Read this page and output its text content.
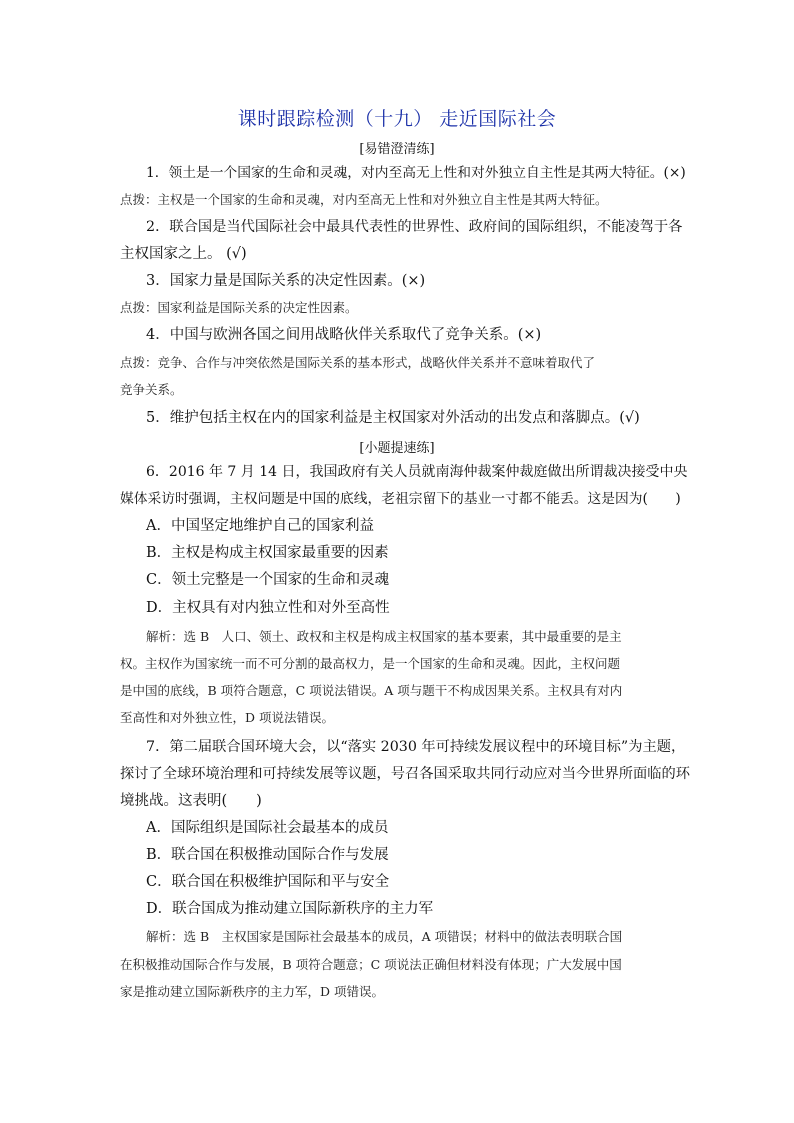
课时跟踪检测（十九） 走近国际社会
[易错澄清练]
1．领土是一个国家的生命和灵魂，对内至高无上性和对外独立自主性是其两大特征。(×)
点拨：主权是一个国家的生命和灵魂，对内至高无上性和对外独立自主性是其两大特征。
2．联合国是当代国际社会中最具代表性的世界性、政府间的国际组织，不能凌驾于各
主权国家之上。 (√)
3．国家力量是国际关系的决定性因素。(×)
点拨：国家利益是国际关系的决定性因素。
4．中国与欧洲各国之间用战略伙伴关系取代了竞争关系。(×)
点拨：竞争、合作与冲突依然是国际关系的基本形式，战略伙伴关系并不意味着取代了
竞争关系。
5．维护包括主权在内的国家利益是主权国家对外活动的出发点和落脚点。(√)
[小题提速练]
6．2016 年 7 月 14 日，我国政府有关人员就南海仲裁案仲裁庭做出所谓裁决接受中央
媒体采访时强调，主权问题是中国的底线，老祖宗留下的基业一寸都不能丢。这是因为(　　)
A．中国坚定地维护自己的国家利益
B．主权是构成主权国家最重要的因素
C．领土完整是一个国家的生命和灵魂
D．主权具有对内独立性和对外至高性
解析：选 B　人口、领土、政权和主权是构成主权国家的基本要素，其中最重要的是主
权。主权作为国家统一而不可分割的最高权力，是一个国家的生命和灵魂。因此，主权问题
是中国的底线，B 项符合题意，C 项说法错误。A 项与题干不构成因果关系。主权具有对内
至高性和对外独立性，D 项说法错误。
7．第二届联合国环境大会，以“落实 2030 年可持续发展议程中的环境目标”为主题，
探讨了全球环境治理和可持续发展等议题，号召各国采取共同行动应对当今世界所面临的环
境挑战。这表明(　　)
A．国际组织是国际社会最基本的成员
B．联合国在积极推动国际合作与发展
C．联合国在积极维护国际和平与安全
D．联合国成为推动建立国际新秩序的主力军
解析：选 B　主权国家是国际社会最基本的成员，A 项错误；材料中的做法表明联合国
在积极推动国际合作与发展，B 项符合题意；C 项说法正确但材料没有体现；广大发展中国
家是推动建立国际新秩序的主力军，D 项错误。
